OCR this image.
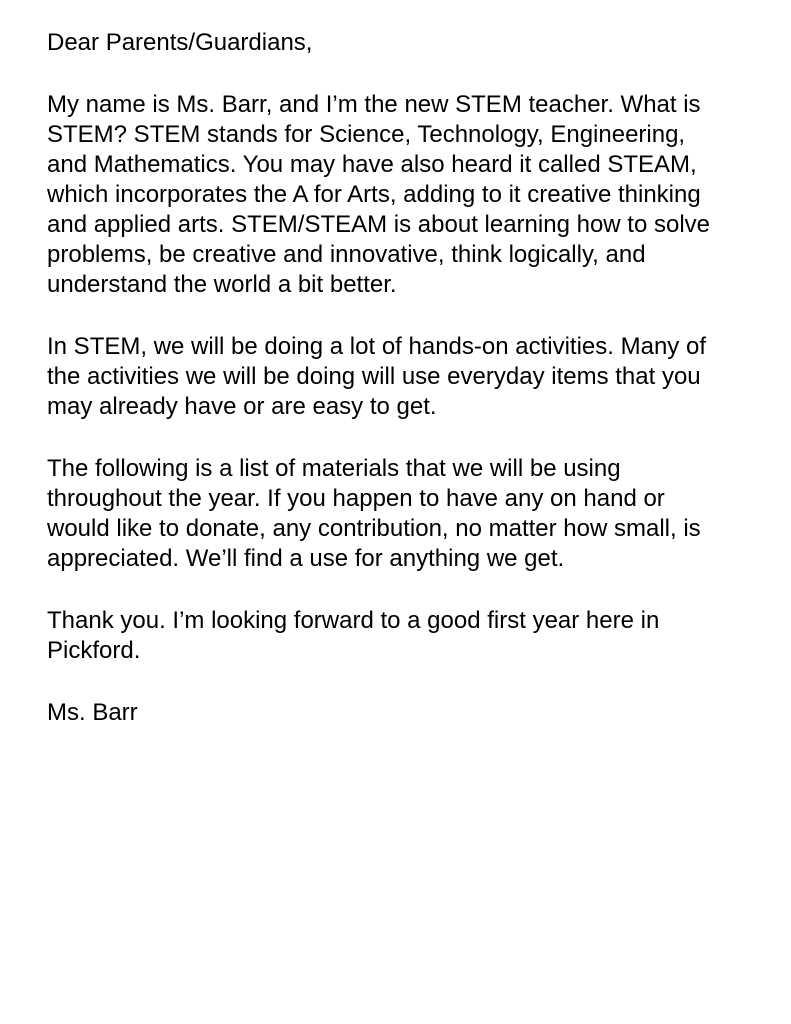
Dear Parents/Guardians,

My name is Ms. Barr, and I’m the new STEM teacher. What is
STEM? STEM stands for Science, Technology, Engineering,
and Mathematics. You may have also heard it called STEAM,
which incorporates the A for Arts, adding to it creative thinking
and applied arts. STEM/STEAM is about learning how to solve
problems, be creative and innovative, think logically, and
understand the world a bit better.

In STEM, we will be doing a lot of hands-on activities. Many of
the activities we will be doing will use everyday items that you
may already have or are easy to get.

The following is a list of materials that we will be using
throughout the year. If you happen to have any on hand or
would like to donate, any contribution, no matter how small, is
appreciated. We’ll find a use for anything we get.

Thank you. I’m looking forward to a good first year here in
Pickford.

Ms. Barr
